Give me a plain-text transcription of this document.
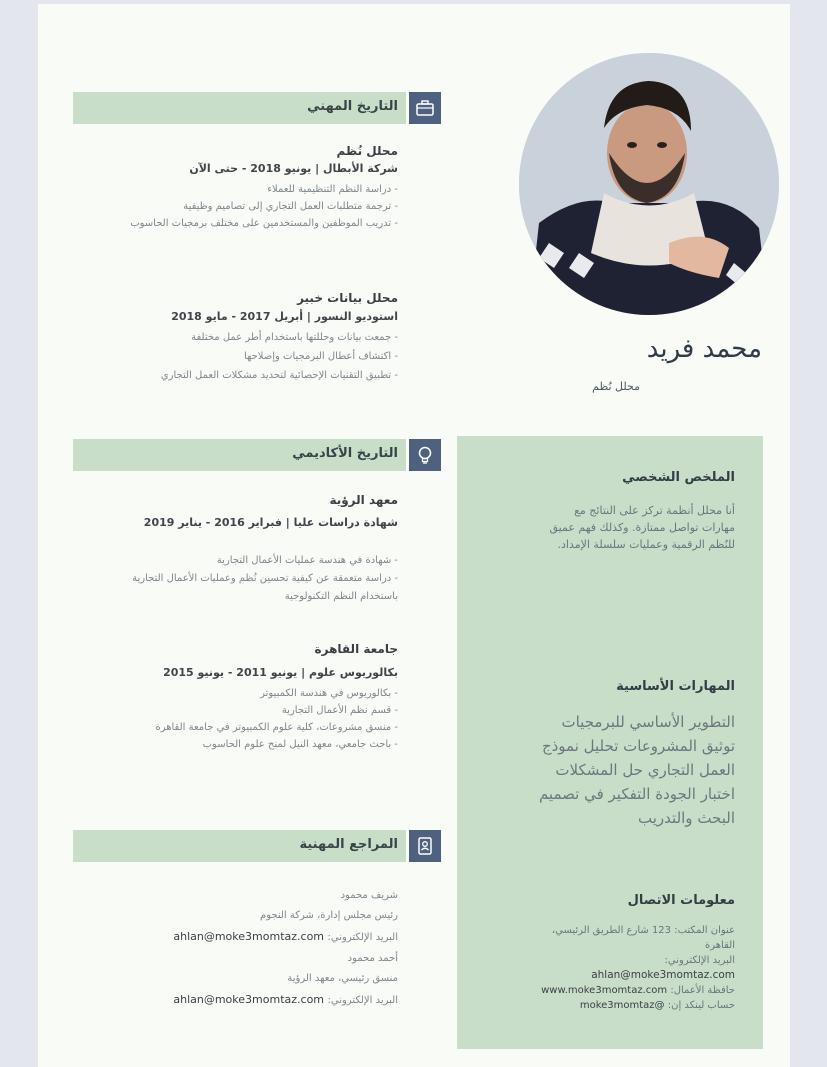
محمد فريد
محلل نُظم
الملخص الشخصي
أنا محلل أنظمة تركز على النتائج مع
مهارات تواصل ممتازة. وكذلك فهم عميق
للنُظم الرقمية وعمليات سلسلة الإمداد.
المهارات الأساسية
التطوير الأساسي للبرمجيات
توثيق المشروعات تحليل نموذج
العمل التجاري حل المشكلات
اختبار الجودة التفكير في تصميم
البحث والتدريب
معلومات الاتصال
عنوان المكتب: 123 شارع الطريق الرئيسي،
القاهرة
البريد الإلكتروني:
ahlan@moke3momtaz.com
حافظة الأعمال: www.moke3momtaz.com
حساب لينكد إن: @moke3momtaz
التاريخ المهني
محلل نُظم
شركة الأبطال | يونيو 2018 - حتى الآن
- دراسة النظم التنظيمية للعملاء
- ترجمة متطلبات العمل التجاري إلى تصاميم وظيفية
- تدريب الموظفين والمستخدمين على مختلف برمجيات الحاسوب
محلل بيانات خبير
استوديو النسور | أبريل 2017 - مايو 2018
- جمعت بيانات وحللتها باستخدام أطر عمل مختلفة
- اكتشاف أعطال البرمجيات وإصلاحها
- تطبيق التقنيات الإحصائية لتحديد مشكلات العمل التجاري
التاريخ الأكاديمي
معهد الرؤية
شهادة دراسات عليا | فبراير 2016 - يناير 2019
- شهادة في هندسة عمليات الأعمال التجارية
- دراسة متعمقة عن كيفية تحسين نُظم وعمليات الأعمال التجارية
باستخدام النظم التكنولوجية
جامعة القاهرة
بكالوريوس علوم | يونيو 2011 - يونيو 2015
- بكالوريوس في هندسة الكمبيوتر
- قسم نظم الأعمال التجارية
- منسق مشروعات، كلية علوم الكمبيوتر في جامعة القاهرة
- باحث جامعي، معهد النيل لمنح علوم الحاسوب
المراجع المهنية
شريف محمود
رئيس مجلس إدارة، شركة النجوم
البريد الإلكتروني: ahlan@moke3momtaz.com
أحمد محمود
منسق رئيسي، معهد الرؤية
البريد الإلكتروني: ahlan@moke3momtaz.com
